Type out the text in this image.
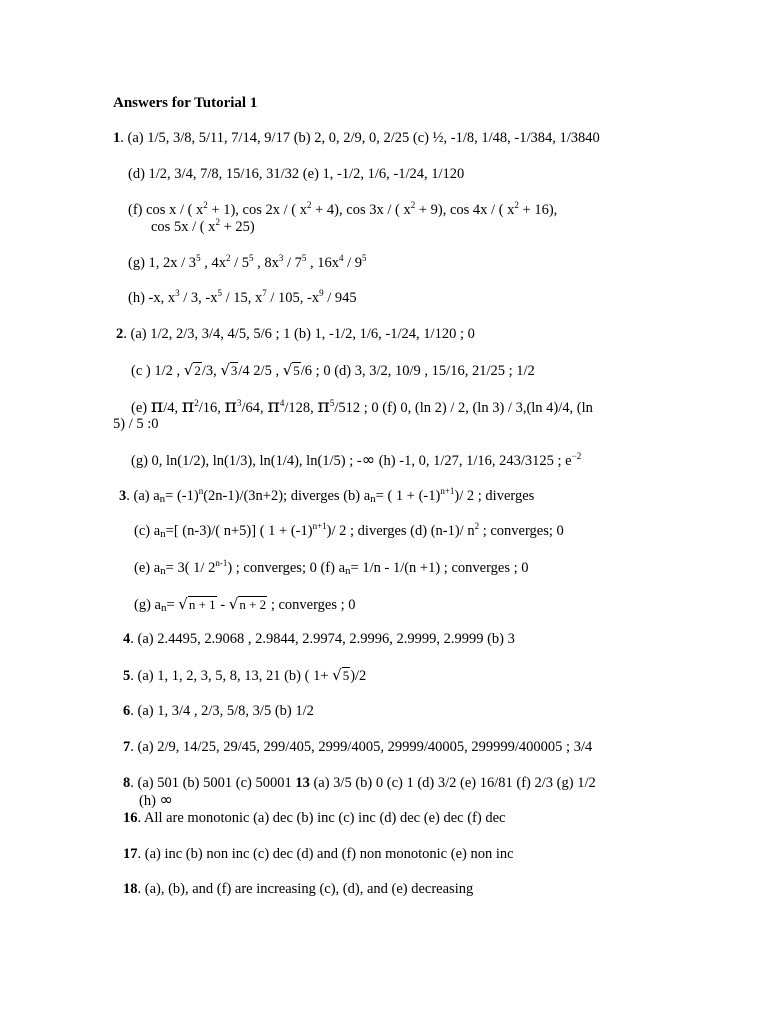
Answers for Tutorial 1
1. (a) 1/5, 3/8, 5/11, 7/14, 9/17 (b) 2, 0, 2/9, 0, 2/25 (c) ½, -1/8, 1/48, -1/384, 1/3840
(d) 1/2, 3/4, 7/8, 15/16, 31/32 (e) 1, -1/2, 1/6, -1/24, 1/120
(f) cos x / ( $x^2 + 1$), cos 2x / ( $x^2 + 4$), cos 3x / ( $x^2 + 9$), cos 4x / ( $x^2 + 16$),
cos 5x / ( $x^2 + 25$)
(g) 1, $2x / 3^5$ , $4x^2 / 5^5$ , $8x^3 / 7^5$ , $16x^4 / 9^5$
(h) -x, $x^3 / 3$, $-x^5 / 15$, $x^7 / 105$, $-x^9 / 945$
2. (a) 1/2, 2/3, 3/4, 4/5, 5/6 ; 1 (b) 1, -1/2, 1/6, -1/24, 1/120 ; 0
(c ) 1/2 , √2/3, √3/4 2/5 , √5/6 ; 0 (d) 3, 3/2, 10/9 , 15/16, 21/25 ; 1/2
(e) π/4, $\pi^2/16$, $\pi^3/64$, $\pi^4/128$, $\pi^5/512$ ; 0 (f) 0, (ln 2) / 2, (ln 3) / 3,(ln 4)/4, (ln
5) / 5 :0
(g) 0, ln(1/2), ln(1/3), ln(1/4), ln(1/5) ; -∞ (h) -1, 0, 1/27, 1/16, 243/3125 ; $e^{-2}$
3. (a) $an= (-1)^n(2n-1)/(3n+2)$; diverges (b) an= ( $1 + (-1)^{n+1})/$ 2 ; diverges
(c) an=[ (n-3)/( n+5)] ( $1 + (-1)^{n+1})/$ 2 ; diverges (d) (n-1)/ $n^2$ ; converges; 0
(e) an= 3( 1/ 2$^{n-1}$) ; converges; 0 (f) an= 1/n - 1/(n +1) ; converges ; 0
(g) an= √n + 1 - √n + 2 ; converges ; 0
4. (a) 2.4495, 2.9068 , 2.9844, 2.9974, 2.9996, 2.9999, 2.9999 (b) 3
5. (a) 1, 1, 2, 3, 5, 8, 13, 21 (b) ( 1+ √5)/2
6. (a) 1, 3/4 , 2/3, 5/8, 3/5 (b) 1/2
7. (a) 2/9, 14/25, 29/45, 299/405, 2999/4005, 29999/40005, 299999/400005 ; 3/4
8. (a) 501 (b) 5001 (c) 50001 13 (a) 3/5 (b) 0 (c) 1 (d) 3/2 (e) 16/81 (f) 2/3 (g) 1/2
(h) ∞
16. All are monotonic (a) dec (b) inc (c) inc (d) dec (e) dec (f) dec
17. (a) inc (b) non inc (c) dec (d) and (f) non monotonic (e) non inc
18. (a), (b), and (f) are increasing (c), (d), and (e) decreasing
